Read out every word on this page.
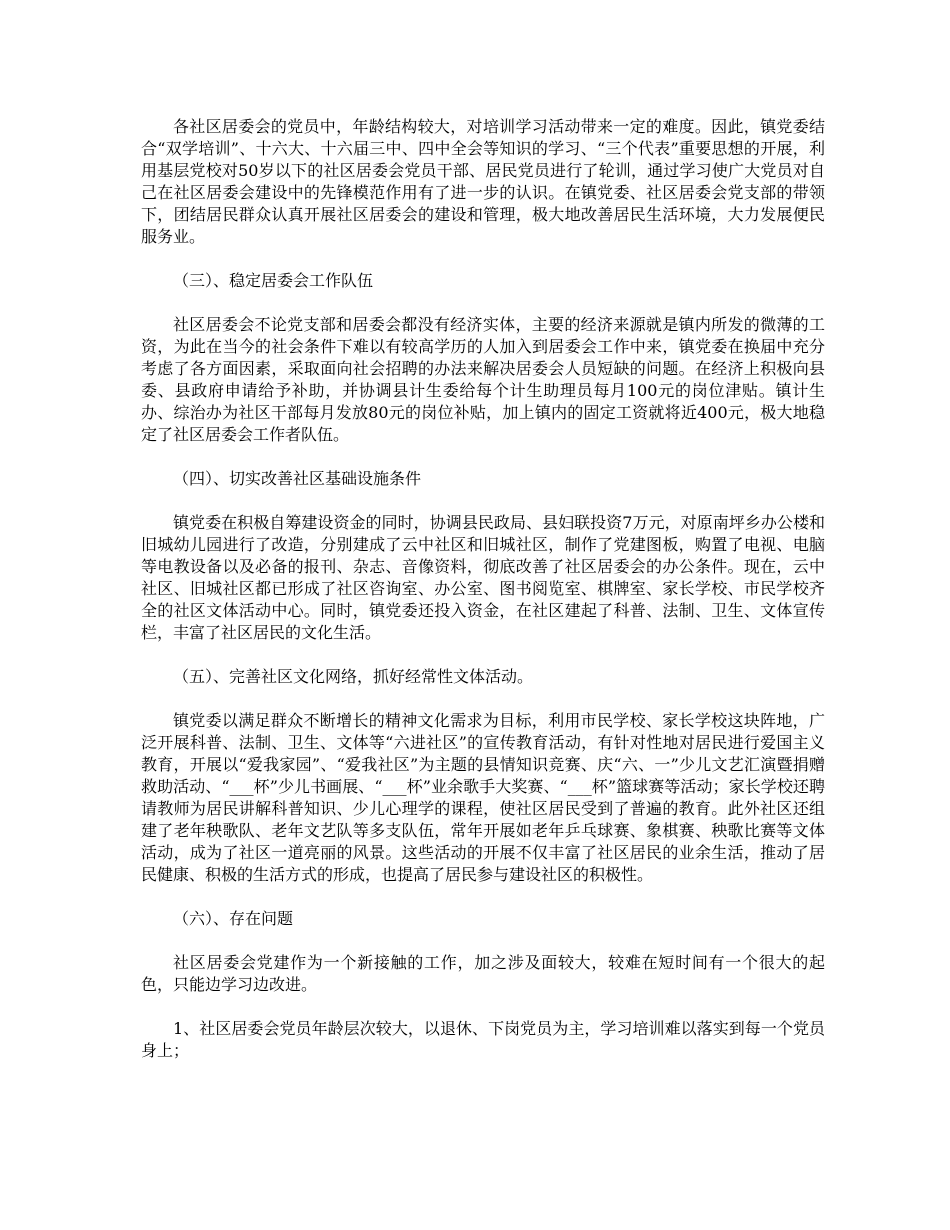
各社区居委会的党员中，年龄结构较大，对培训学习活动带来一定的难度。因此，镇党委结合“双学培训”、十六大、十六届三中、四中全会等知识的学习、“三个代表”重要思想的开展，利用基层党校对50岁以下的社区居委会党员干部、居民党员进行了轮训，通过学习使广大党员对自己在社区居委会建设中的先锋模范作用有了进一步的认识。在镇党委、社区居委会党支部的带领下，团结居民群众认真开展社区居委会的建设和管理，极大地改善居民生活环境，大力发展便民服务业。

（三）、稳定居委会工作队伍

社区居委会不论党支部和居委会都没有经济实体，主要的经济来源就是镇内所发的微薄的工资，为此在当今的社会条件下难以有较高学历的人加入到居委会工作中来，镇党委在换届中充分考虑了各方面因素，采取面向社会招聘的办法来解决居委会人员短缺的问题。在经济上积极向县委、县政府申请给予补助，并协调县计生委给每个计生助理员每月100元的岗位津贴。镇计生办、综治办为社区干部每月发放80元的岗位补贴，加上镇内的固定工资就将近400元，极大地稳定了社区居委会工作者队伍。

（四）、切实改善社区基础设施条件

镇党委在积极自筹建设资金的同时，协调县民政局、县妇联投资7万元，对原南坪乡办公楼和旧城幼儿园进行了改造，分别建成了云中社区和旧城社区，制作了党建图板，购置了电视、电脑等电教设备以及必备的报刊、杂志、音像资料，彻底改善了社区居委会的办公条件。现在，云中社区、旧城社区都已形成了社区咨询室、办公室、图书阅览室、棋牌室、家长学校、市民学校齐全的社区文体活动中心。同时，镇党委还投入资金，在社区建起了科普、法制、卫生、文体宣传栏，丰富了社区居民的文化生活。

（五）、完善社区文化网络，抓好经常性文体活动。

镇党委以满足群众不断增长的精神文化需求为目标，利用市民学校、家长学校这块阵地，广泛开展科普、法制、卫生、文体等“六进社区”的宣传教育活动，有针对性地对居民进行爱国主义教育，开展以“爱我家园”、“爱我社区”为主题的县情知识竞赛、庆“六、一”少儿文艺汇演暨捐赠救助活动、“___杯”少儿书画展、“___杯”业余歌手大奖赛、“___杯”篮球赛等活动；家长学校还聘请教师为居民讲解科普知识、少儿心理学的课程，使社区居民受到了普遍的教育。此外社区还组建了老年秧歌队、老年文艺队等多支队伍，常年开展如老年乒乓球赛、象棋赛、秧歌比赛等文体活动，成为了社区一道亮丽的风景。这些活动的开展不仅丰富了社区居民的业余生活，推动了居民健康、积极的生活方式的形成，也提高了居民参与建设社区的积极性。

（六）、存在问题

社区居委会党建作为一个新接触的工作，加之涉及面较大，较难在短时间有一个很大的起色，只能边学习边改进。

1、社区居委会党员年龄层次较大，以退休、下岗党员为主，学习培训难以落实到每一个党员身上；
